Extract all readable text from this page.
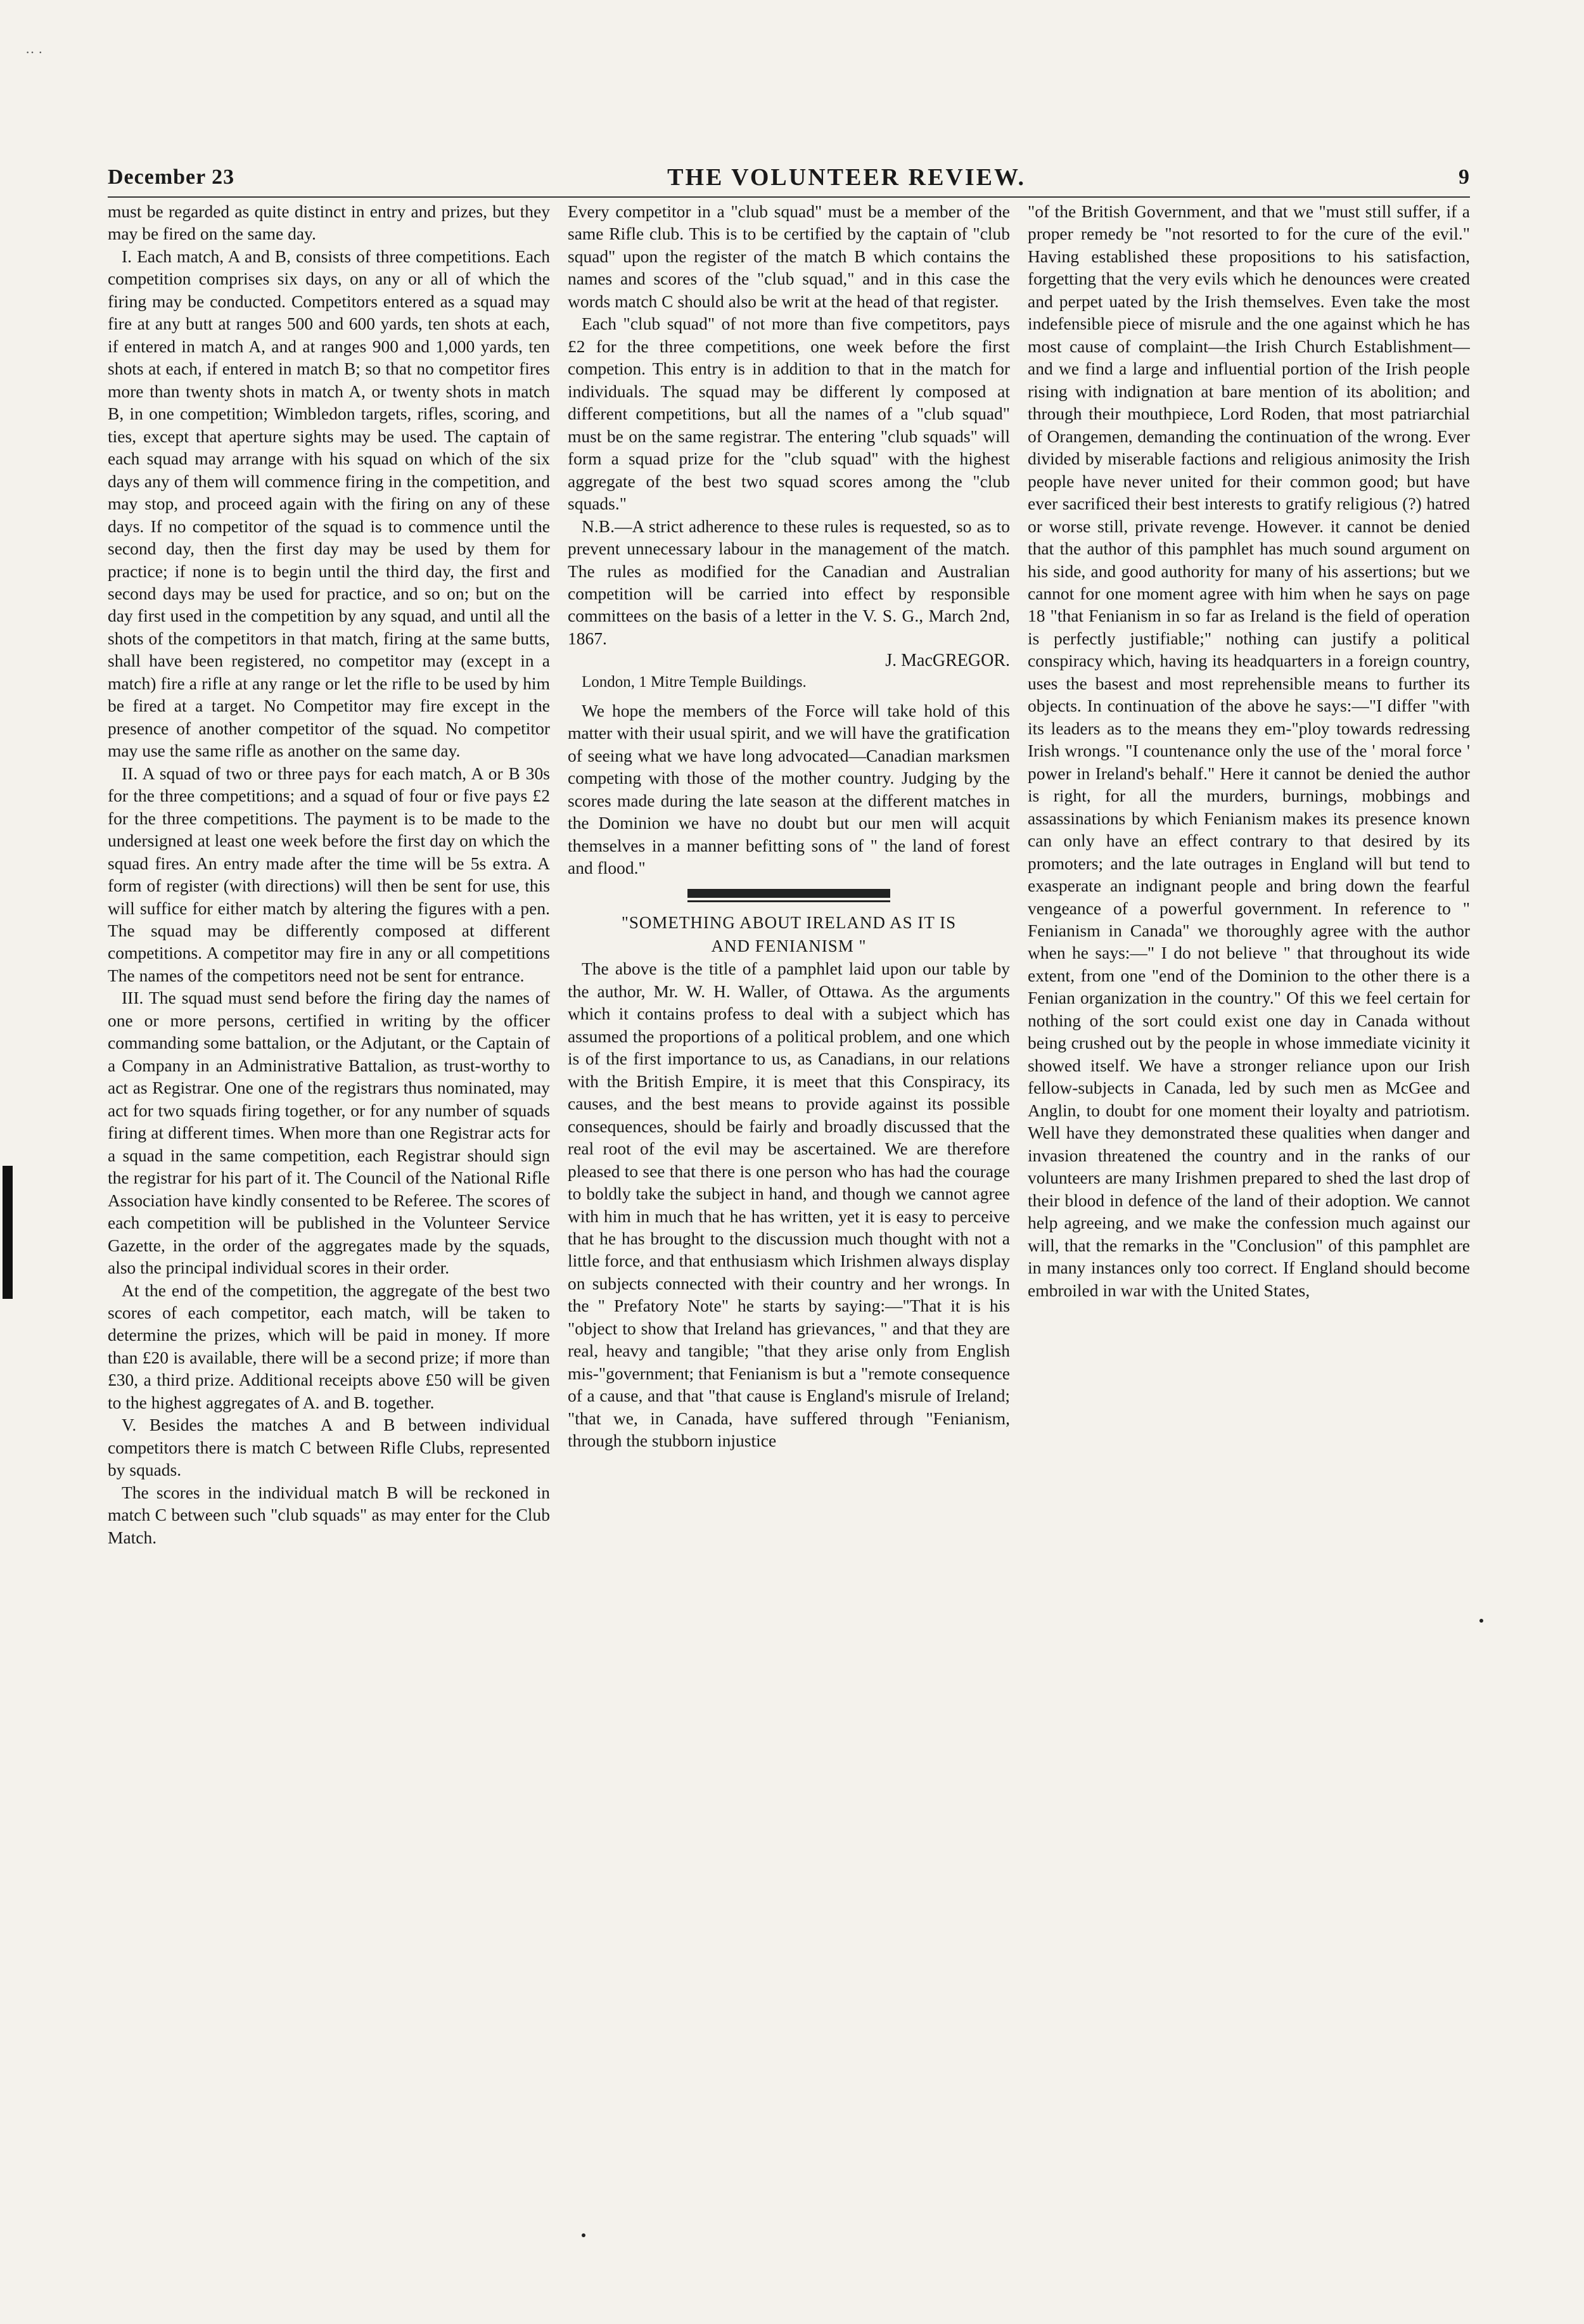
·· ·
December 23	THE VOLUNTEER REVIEW.	9

must be regarded as quite distinct in entry and prizes, but they may be fired on the same day.

I. Each match, A and B, consists of three competitions. Each competition comprises six days, on any or all of which the firing may be conducted. Competitors entered as a squad may fire at any butt at ranges 500 and 600 yards, ten shots at each, if entered in match A, and at ranges 900 and 1,000 yards, ten shots at each, if entered in match B; so that no competitor fires more than twenty shots in match A, or twenty shots in match B, in one competition; Wimbledon targets, rifles, scoring, and ties, except that aperture sights may be used. The captain of each squad may arrange with his squad on which of the six days any of them will commence firing in the competition, and may stop, and proceed again with the firing on any of these days. If no competitor of the squad is to commence until the second day, then the first day may be used by them for practice; if none is to begin until the third day, the first and second days may be used for practice, and so on; but on the day first used in the competition by any squad, and until all the shots of the competitors in that match, firing at the same butts, shall have been registered, no competitor may (except in a match) fire a rifle at any range or let the rifle to be used by him be fired at a target. No Competitor may fire except in the presence of another competitor of the squad. No competitor may use the same rifle as another on the same day.

II. A squad of two or three pays for each match, A or B 30s for the three competitions; and a squad of four or five pays £2 for the three competitions. The payment is to be made to the undersigned at least one week before the first day on which the squad fires. An entry made after the time will be 5s extra. A form of register (with directions) will then be sent for use, this will suffice for either match by altering the figures with a pen. The squad may be differently composed at different competitions. A competitor may fire in any or all competitions The names of the competitors need not be sent for entrance.

III. The squad must send before the firing day the names of one or more persons, certified in writing by the officer commanding some battalion, or the Adjutant, or the Captain of a Company in an Administrative Battalion, as trust-worthy to act as Registrar. One one of the registrars thus nominated, may act for two squads firing together, or for any number of squads firing at different times. When more than one Registrar acts for a squad in the same competition, each Registrar should sign the registrar for his part of it. The Council of the National Rifle Association have kindly consented to be Referee. The scores of each competition will be published in the Volunteer Service Gazette, in the order of the aggregates made by the squads, also the principal individual scores in their order.

At the end of the competition, the aggregate of the best two scores of each competitor, each match, will be taken to determine the prizes, which will be paid in money. If more than £20 is available, there will be a second prize; if more than £30, a third prize. Additional receipts above £50 will be given to the highest aggregates of A. and B. together.

V. Besides the matches A and B between individual competitors there is match C between Rifle Clubs, represented by squads.

The scores in the individual match B will be reckoned in match C between such "club squads" as may enter for the Club Match.

Every competitor in a "club squad" must be a member of the same Rifle club. This is to be certified by the captain of "club squad" upon the register of the match B which contains the names and scores of the "club squad," and in this case the words match C should also be writ at the head of that register.

Each "club squad" of not more than five competitors, pays £2 for the three competitions, one week before the first competion. This entry is in addition to that in the match for individuals. The squad may be different ly composed at different competitions, but all the names of a "club squad" must be on the same registrar. The entering "club squads" will form a squad prize for the "club squad" with the highest aggregate of the best two squad scores among the "club squads."

N.B.—A strict adherence to these rules is requested, so as to prevent unnecessary labour in the management of the match. The rules as modified for the Canadian and Australian competition will be carried into effect by responsible committees on the basis of a letter in the V. S. G., March 2nd, 1867.

J. MacGREGOR.

London, 1 Mitre Temple Buildings.

We hope the members of the Force will take hold of this matter with their usual spirit, and we will have the gratification of seeing what we have long advocated—Canadian marksmen competing with those of the mother country. Judging by the scores made during the late season at the different matches in the Dominion we have no doubt but our men will acquit themselves in a manner befitting sons of " the land of forest and flood."

"SOMETHING ABOUT IRELAND AS IT IS
AND FENIANISM "

The above is the title of a pamphlet laid upon our table by the author, Mr. W. H. Waller, of Ottawa. As the arguments which it contains profess to deal with a subject which has assumed the proportions of a political problem, and one which is of the first importance to us, as Canadians, in our relations with the British Empire, it is meet that this Conspiracy, its causes, and the best means to provide against its possible consequences, should be fairly and broadly discussed that the real root of the evil may be ascertained. We are therefore pleased to see that there is one person who has had the courage to boldly take the subject in hand, and though we cannot agree with him in much that he has written, yet it is easy to perceive that he has brought to the discussion much thought with not a little force, and that enthusiasm which Irishmen always display on subjects connected with their country and her wrongs. In the " Prefatory Note" he starts by saying:—"That it is his "object to show that Ireland has grievances, " and that they are real, heavy and tangible; "that they arise only from English mis-"government; that Fenianism is but a "remote consequence of a cause, and that "that cause is England's misrule of Ireland; "that we, in Canada, have suffered through "Fenianism, through the stubborn injustice

"of the British Government, and that we "must still suffer, if a proper remedy be "not resorted to for the cure of the evil." Having established these propositions to his satisfaction, forgetting that the very evils which he denounces were created and perpet uated by the Irish themselves. Even take the most indefensible piece of misrule and the one against which he has most cause of complaint—the Irish Church Establishment—and we find a large and influential portion of the Irish people rising with indignation at bare mention of its abolition; and through their mouthpiece, Lord Roden, that most patriarchial of Orangemen, demanding the continuation of the wrong. Ever divided by miserable factions and religious animosity the Irish people have never united for their common good; but have ever sacrificed their best interests to gratify religious (?) hatred or worse still, private revenge. However. it cannot be denied that the author of this pamphlet has much sound argument on his side, and good authority for many of his assertions; but we cannot for one moment agree with him when he says on page 18 "that Fenianism in so far as Ireland is the field of operation is perfectly justifiable;" nothing can justify a political conspiracy which, having its headquarters in a foreign country, uses the basest and most reprehensible means to further its objects. In continuation of the above he says:—"I differ "with its leaders as to the means they em-"ploy towards redressing Irish wrongs. "I countenance only the use of the ' moral force ' power in Ireland's behalf." Here it cannot be denied the author is right, for all the murders, burnings, mobbings and assassinations by which Fenianism makes its presence known can only have an effect contrary to that desired by its promoters; and the late outrages in England will but tend to exasperate an indignant people and bring down the fearful vengeance of a powerful government. In reference to " Fenianism in Canada" we thoroughly agree with the author when he says:—" I do not believe " that throughout its wide extent, from one "end of the Dominion to the other there is a Fenian organization in the country." Of this we feel certain for nothing of the sort could exist one day in Canada without being crushed out by the people in whose immediate vicinity it showed itself. We have a stronger reliance upon our Irish fellow-subjects in Canada, led by such men as McGee and Anglin, to doubt for one moment their loyalty and patriotism. Well have they demonstrated these qualities when danger and invasion threatened the country and in the ranks of our volunteers are many Irishmen prepared to shed the last drop of their blood in defence of the land of their adoption. We cannot help agreeing, and we make the confession much against our will, that the remarks in the "Conclusion" of this pamphlet are in many instances only too correct. If England should become embroiled in war with the United States,
